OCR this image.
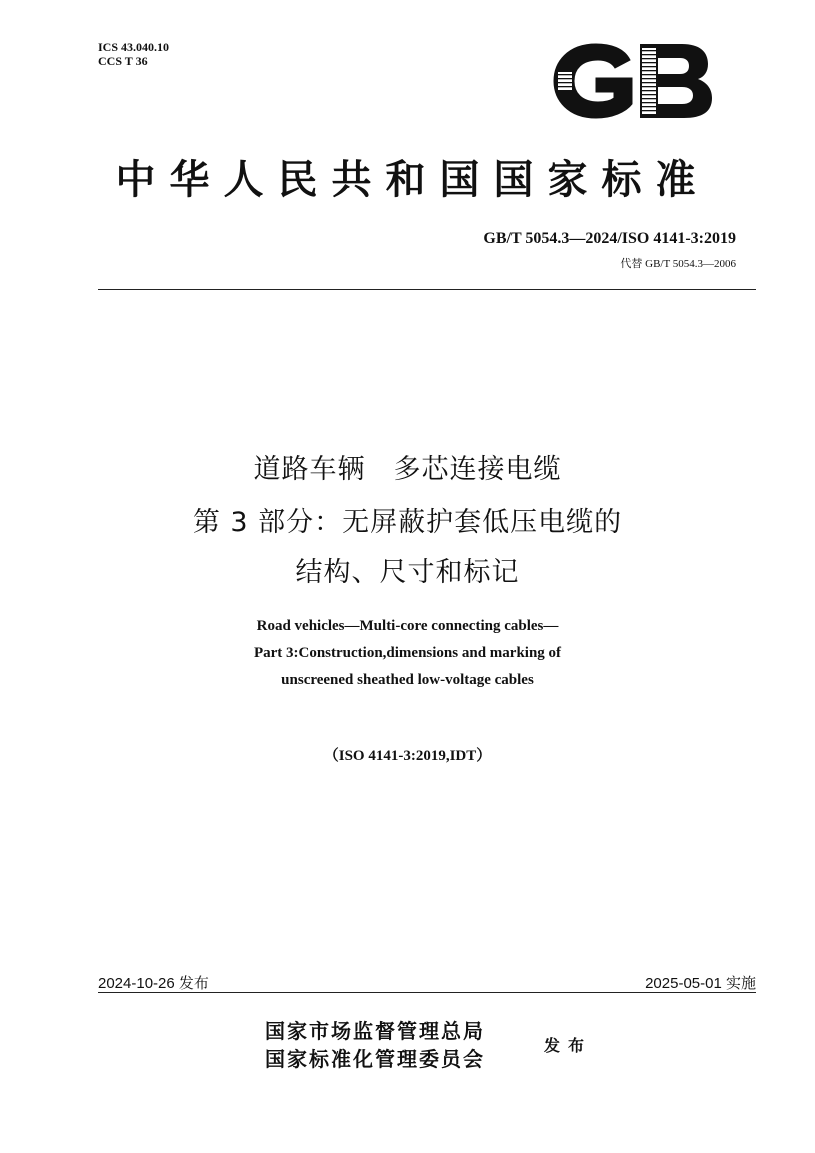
ICS 43.040.10
CCS T 36
中华人民共和国国家标准
GB/T 5054.3—2024/ISO 4141-3:2019
代替 GB/T 5054.3—2006
道路车辆　多芯连接电缆
第 3 部分：无屏蔽护套低压电缆的
结构、尺寸和标记
Road vehicles—Multi-core connecting cables—
Part 3:Construction,dimensions and marking of
unscreened sheathed low-voltage cables
（ISO 4141-3:2019,IDT）
2024-10-26 发布	2025-05-01 实施
国家市场监督管理总局
国家标准化管理委员会
发布
